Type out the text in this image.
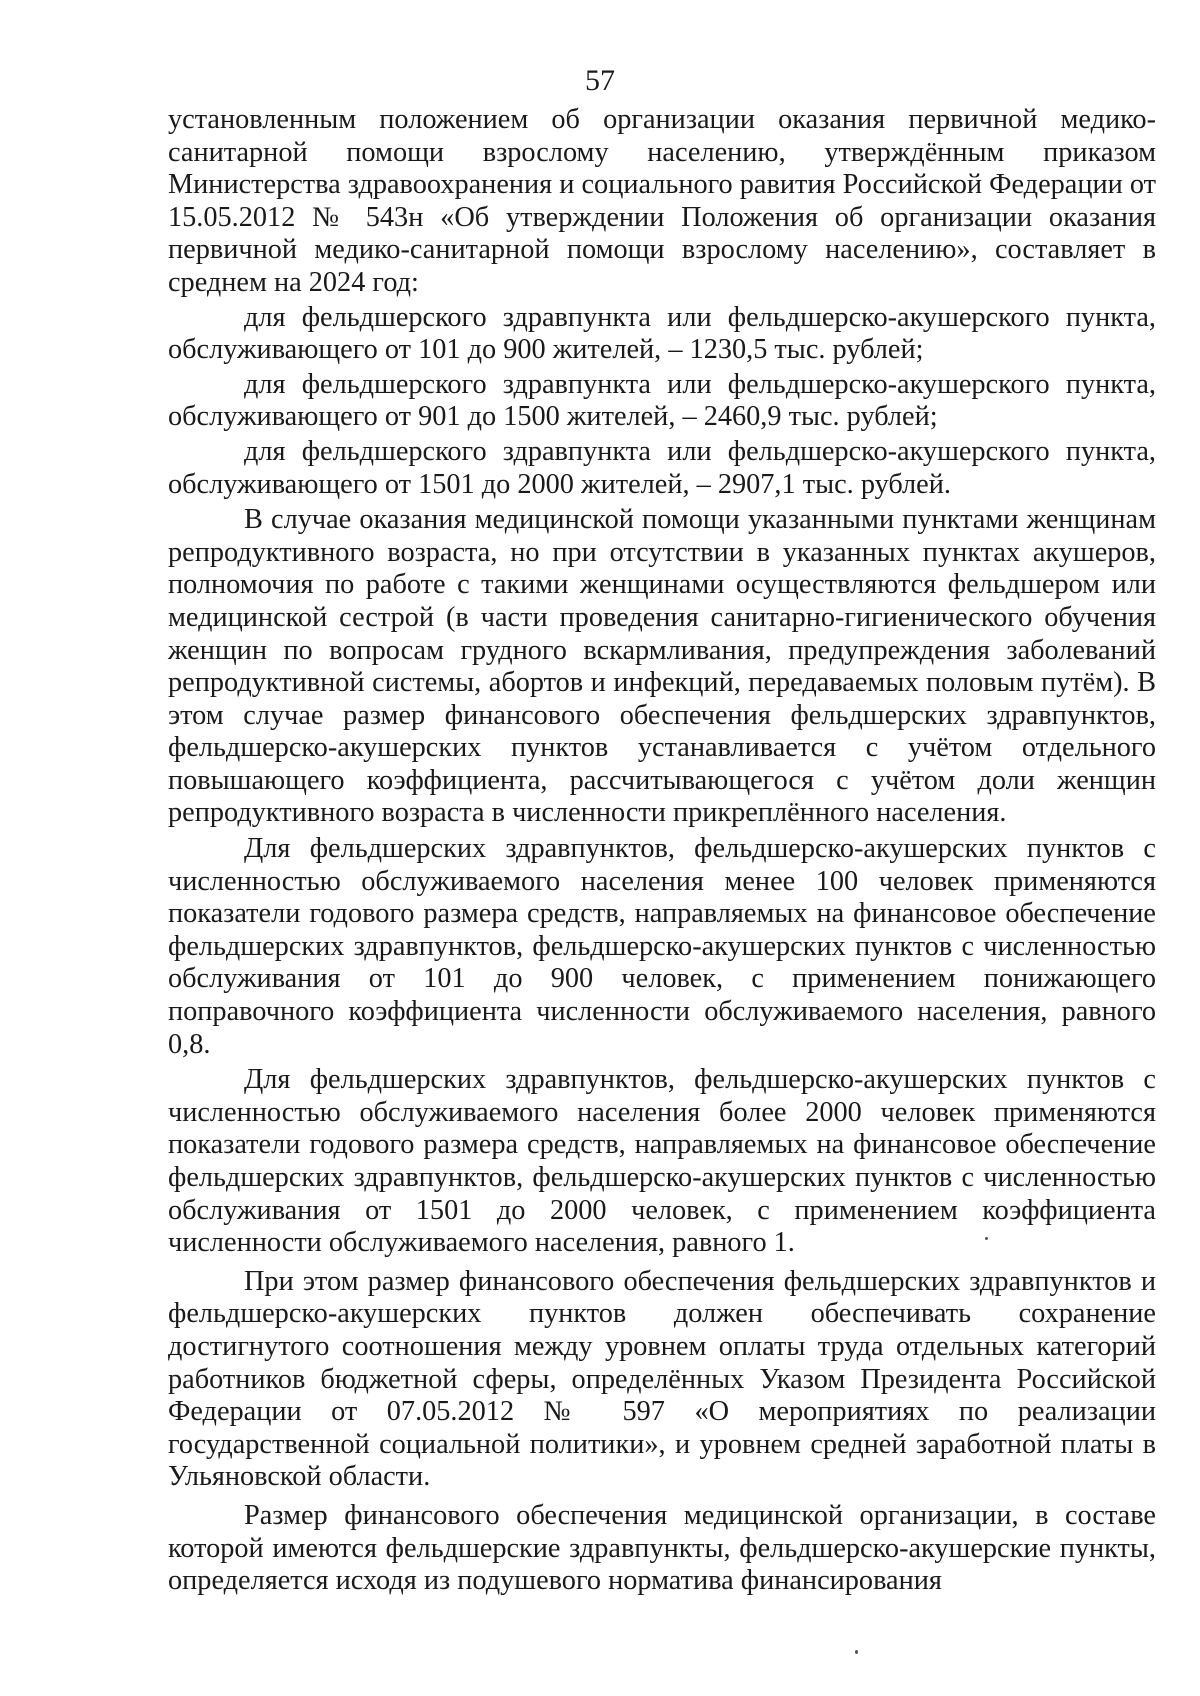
57

установленным положением об организации оказания первичной медико-санитарной помощи взрослому населению, утверждённым приказом Министерства здравоохранения и социального равития Российской Федерации от 15.05.2012 № 543н «Об утверждении Положения об организации оказания первичной медико-санитарной помощи взрослому населению», составляет в среднем на 2024 год:

для фельдшерского здравпункта или фельдшерско-акушерского пункта, обслуживающего от 101 до 900 жителей, – 1230,5 тыс. рублей;

для фельдшерского здравпункта или фельдшерско-акушерского пункта, обслуживающего от 901 до 1500 жителей, – 2460,9 тыс. рублей;

для фельдшерского здравпункта или фельдшерско-акушерского пункта, обслуживающего от 1501 до 2000 жителей, – 2907,1 тыс. рублей.

В случае оказания медицинской помощи указанными пунктами женщинам репродуктивного возраста, но при отсутствии в указанных пунктах акушеров, полномочия по работе с такими женщинами осуществляются фельдшером или медицинской сестрой (в части проведения санитарно-гигиенического обучения женщин по вопросам грудного вскармливания, предупреждения заболеваний репродуктивной системы, абортов и инфекций, передаваемых половым путём). В этом случае размер финансового обеспечения фельдшерских здравпунктов, фельдшерско-акушерских пунктов устанавливается с учётом отдельного повышающего коэффициента, рассчитывающегося с учётом доли женщин репродуктивного возраста в численности прикреплённого населения.

Для фельдшерских здравпунктов, фельдшерско-акушерских пунктов с численностью обслуживаемого населения менее 100 человек применяются показатели годового размера средств, направляемых на финансовое обеспечение фельдшерских здравпунктов, фельдшерско-акушерских пунктов с численностью обслуживания от 101 до 900 человек, с применением понижающего поправочного коэффициента численности обслуживаемого населения, равного 0,8.

Для фельдшерских здравпунктов, фельдшерско-акушерских пунктов с численностью обслуживаемого населения более 2000 человек применяются показатели годового размера средств, направляемых на финансовое обеспечение фельдшерских здравпунктов, фельдшерско-акушерских пунктов с численностью обслуживания от 1501 до 2000 человек, с применением коэффициента численности обслуживаемого населения, равного 1.

При этом размер финансового обеспечения фельдшерских здравпунктов и фельдшерско-акушерских пунктов должен обеспечивать сохранение достигнутого соотношения между уровнем оплаты труда отдельных категорий работников бюджетной сферы, определённых Указом Президента Российской Федерации от 07.05.2012 № 597 «О мероприятиях по реализации государственной социальной политики», и уровнем средней заработной платы в Ульяновской области.

Размер финансового обеспечения медицинской организации, в составе которой имеются фельдшерские здравпункты, фельдшерско-акушерские пункты, определяется исходя из подушевого норматива финансирования
